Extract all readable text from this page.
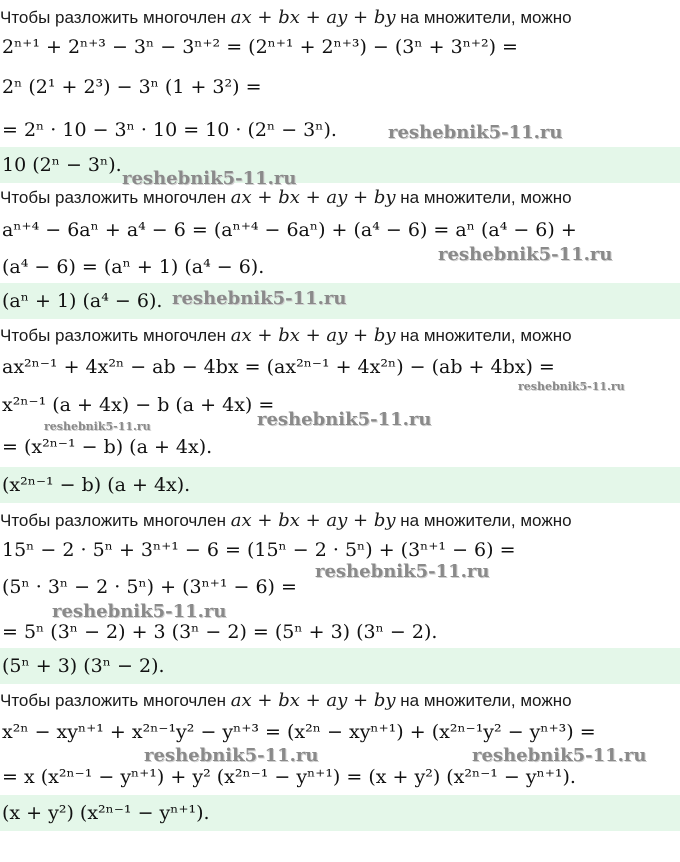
Чтобы разложить многочлен ax + bx + ay + by на множители, можно
2ⁿ⁺¹ + 2ⁿ⁺³ − 3ⁿ − 3ⁿ⁺² = (2ⁿ⁺¹ + 2ⁿ⁺³) − (3ⁿ + 3ⁿ⁺²) =
2ⁿ (2¹ + 2³) − 3ⁿ (1 + 3²) =
= 2ⁿ · 10 − 3ⁿ · 10 = 10 · (2ⁿ − 3ⁿ).
10 (2ⁿ − 3ⁿ).
Чтобы разложить многочлен ax + bx + ay + by на множители, можно
aⁿ⁺⁴ − 6aⁿ + a⁴ − 6 = (aⁿ⁺⁴ − 6aⁿ) + (a⁴ − 6) = aⁿ (a⁴ − 6) +
(a⁴ − 6) = (aⁿ + 1) (a⁴ − 6).
(aⁿ + 1) (a⁴ − 6).
Чтобы разложить многочлен ax + bx + ay + by на множители, можно
ax²ⁿ⁻¹ + 4x²ⁿ − ab − 4bx = (ax²ⁿ⁻¹ + 4x²ⁿ) − (ab + 4bx) =
x²ⁿ⁻¹ (a + 4x) − b (a + 4x) =
= (x²ⁿ⁻¹ − b) (a + 4x).
(x²ⁿ⁻¹ − b) (a + 4x).
Чтобы разложить многочлен ax + bx + ay + by на множители, можно
15ⁿ − 2 · 5ⁿ + 3ⁿ⁺¹ − 6 = (15ⁿ − 2 · 5ⁿ) + (3ⁿ⁺¹ − 6) =
(5ⁿ · 3ⁿ − 2 · 5ⁿ) + (3ⁿ⁺¹ − 6) =
= 5ⁿ (3ⁿ − 2) + 3 (3ⁿ − 2) = (5ⁿ + 3) (3ⁿ − 2).
(5ⁿ + 3) (3ⁿ − 2).
Чтобы разложить многочлен ax + bx + ay + by на множители, можно
x²ⁿ − xyⁿ⁺¹ + x²ⁿ⁻¹y² − yⁿ⁺³ = (x²ⁿ − xyⁿ⁺¹) + (x²ⁿ⁻¹y² − yⁿ⁺³) =
= x (x²ⁿ⁻¹ − yⁿ⁺¹) + y² (x²ⁿ⁻¹ − yⁿ⁺¹) = (x + y²) (x²ⁿ⁻¹ − yⁿ⁺¹).
(x + y²) (x²ⁿ⁻¹ − yⁿ⁺¹).
reshebnik5-11.ru
reshebnik5-11.ru
reshebnik5-11.ru
reshebnik5-11.ru
reshebnik5-11.ru
reshebnik5-11.ru	reshebnik5-11.ru
reshebnik5-11.ru
reshebnik5-11.ru
reshebnik5-11.ru	reshebnik5-11.ru
